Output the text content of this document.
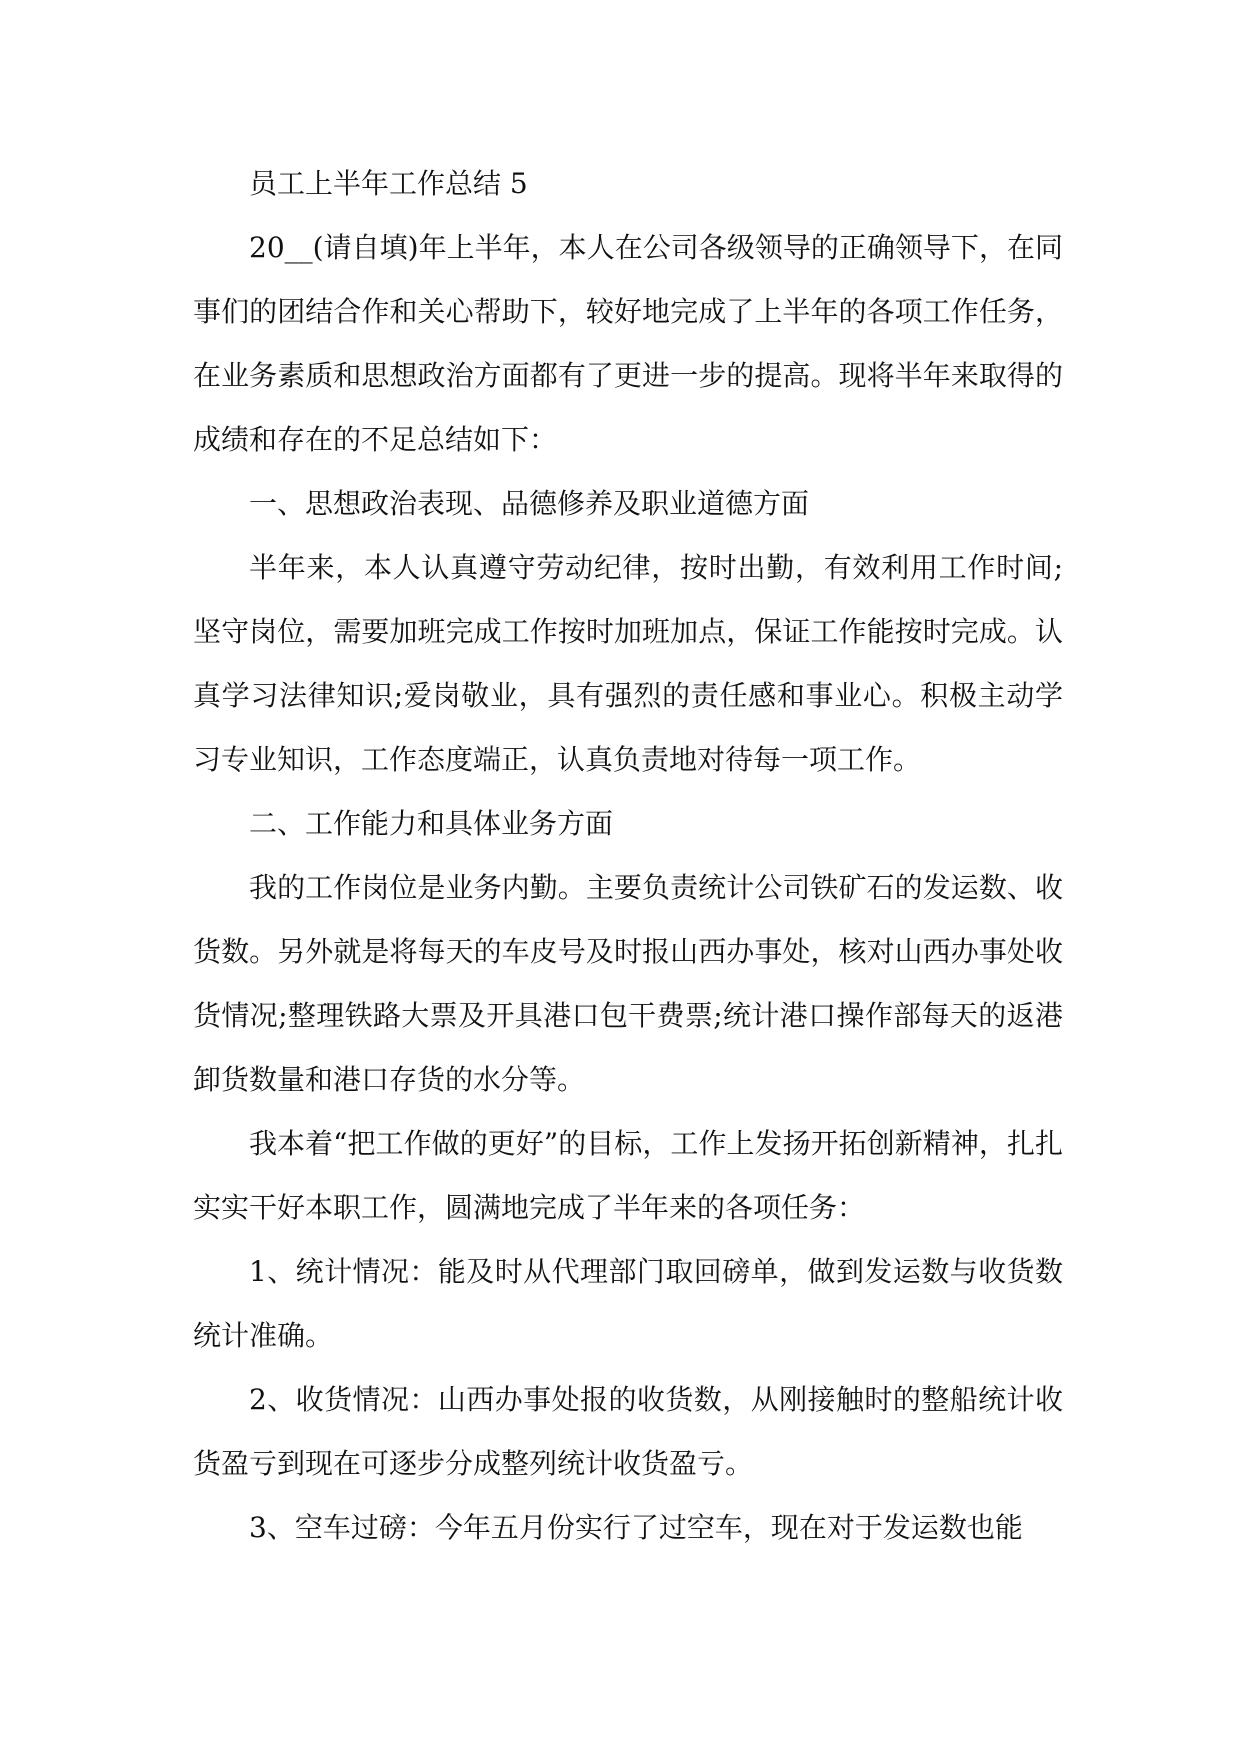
员工上半年工作总结 5

20__(请自填)年上半年，本人在公司各级领导的正确领导下，在同事们的团结合作和关心帮助下，较好地完成了上半年的各项工作任务，在业务素质和思想政治方面都有了更进一步的提高。现将半年来取得的成绩和存在的不足总结如下：

一、思想政治表现、品德修养及职业道德方面

半年来，本人认真遵守劳动纪律，按时出勤，有效利用工作时间;坚守岗位，需要加班完成工作按时加班加点，保证工作能按时完成。认真学习法律知识;爱岗敬业，具有强烈的责任感和事业心。积极主动学习专业知识，工作态度端正，认真负责地对待每一项工作。

二、工作能力和具体业务方面

我的工作岗位是业务内勤。主要负责统计公司铁矿石的发运数、收货数。另外就是将每天的车皮号及时报山西办事处，核对山西办事处收货情况;整理铁路大票及开具港口包干费票;统计港口操作部每天的返港卸货数量和港口存货的水分等。

我本着“把工作做的更好”的目标，工作上发扬开拓创新精神，扎扎实实干好本职工作，圆满地完成了半年来的各项任务：

1、统计情况：能及时从代理部门取回磅单，做到发运数与收货数统计准确。

2、收货情况：山西办事处报的收货数，从刚接触时的整船统计收货盈亏到现在可逐步分成整列统计收货盈亏。

3、空车过磅：今年五月份实行了过空车，现在对于发运数也能
